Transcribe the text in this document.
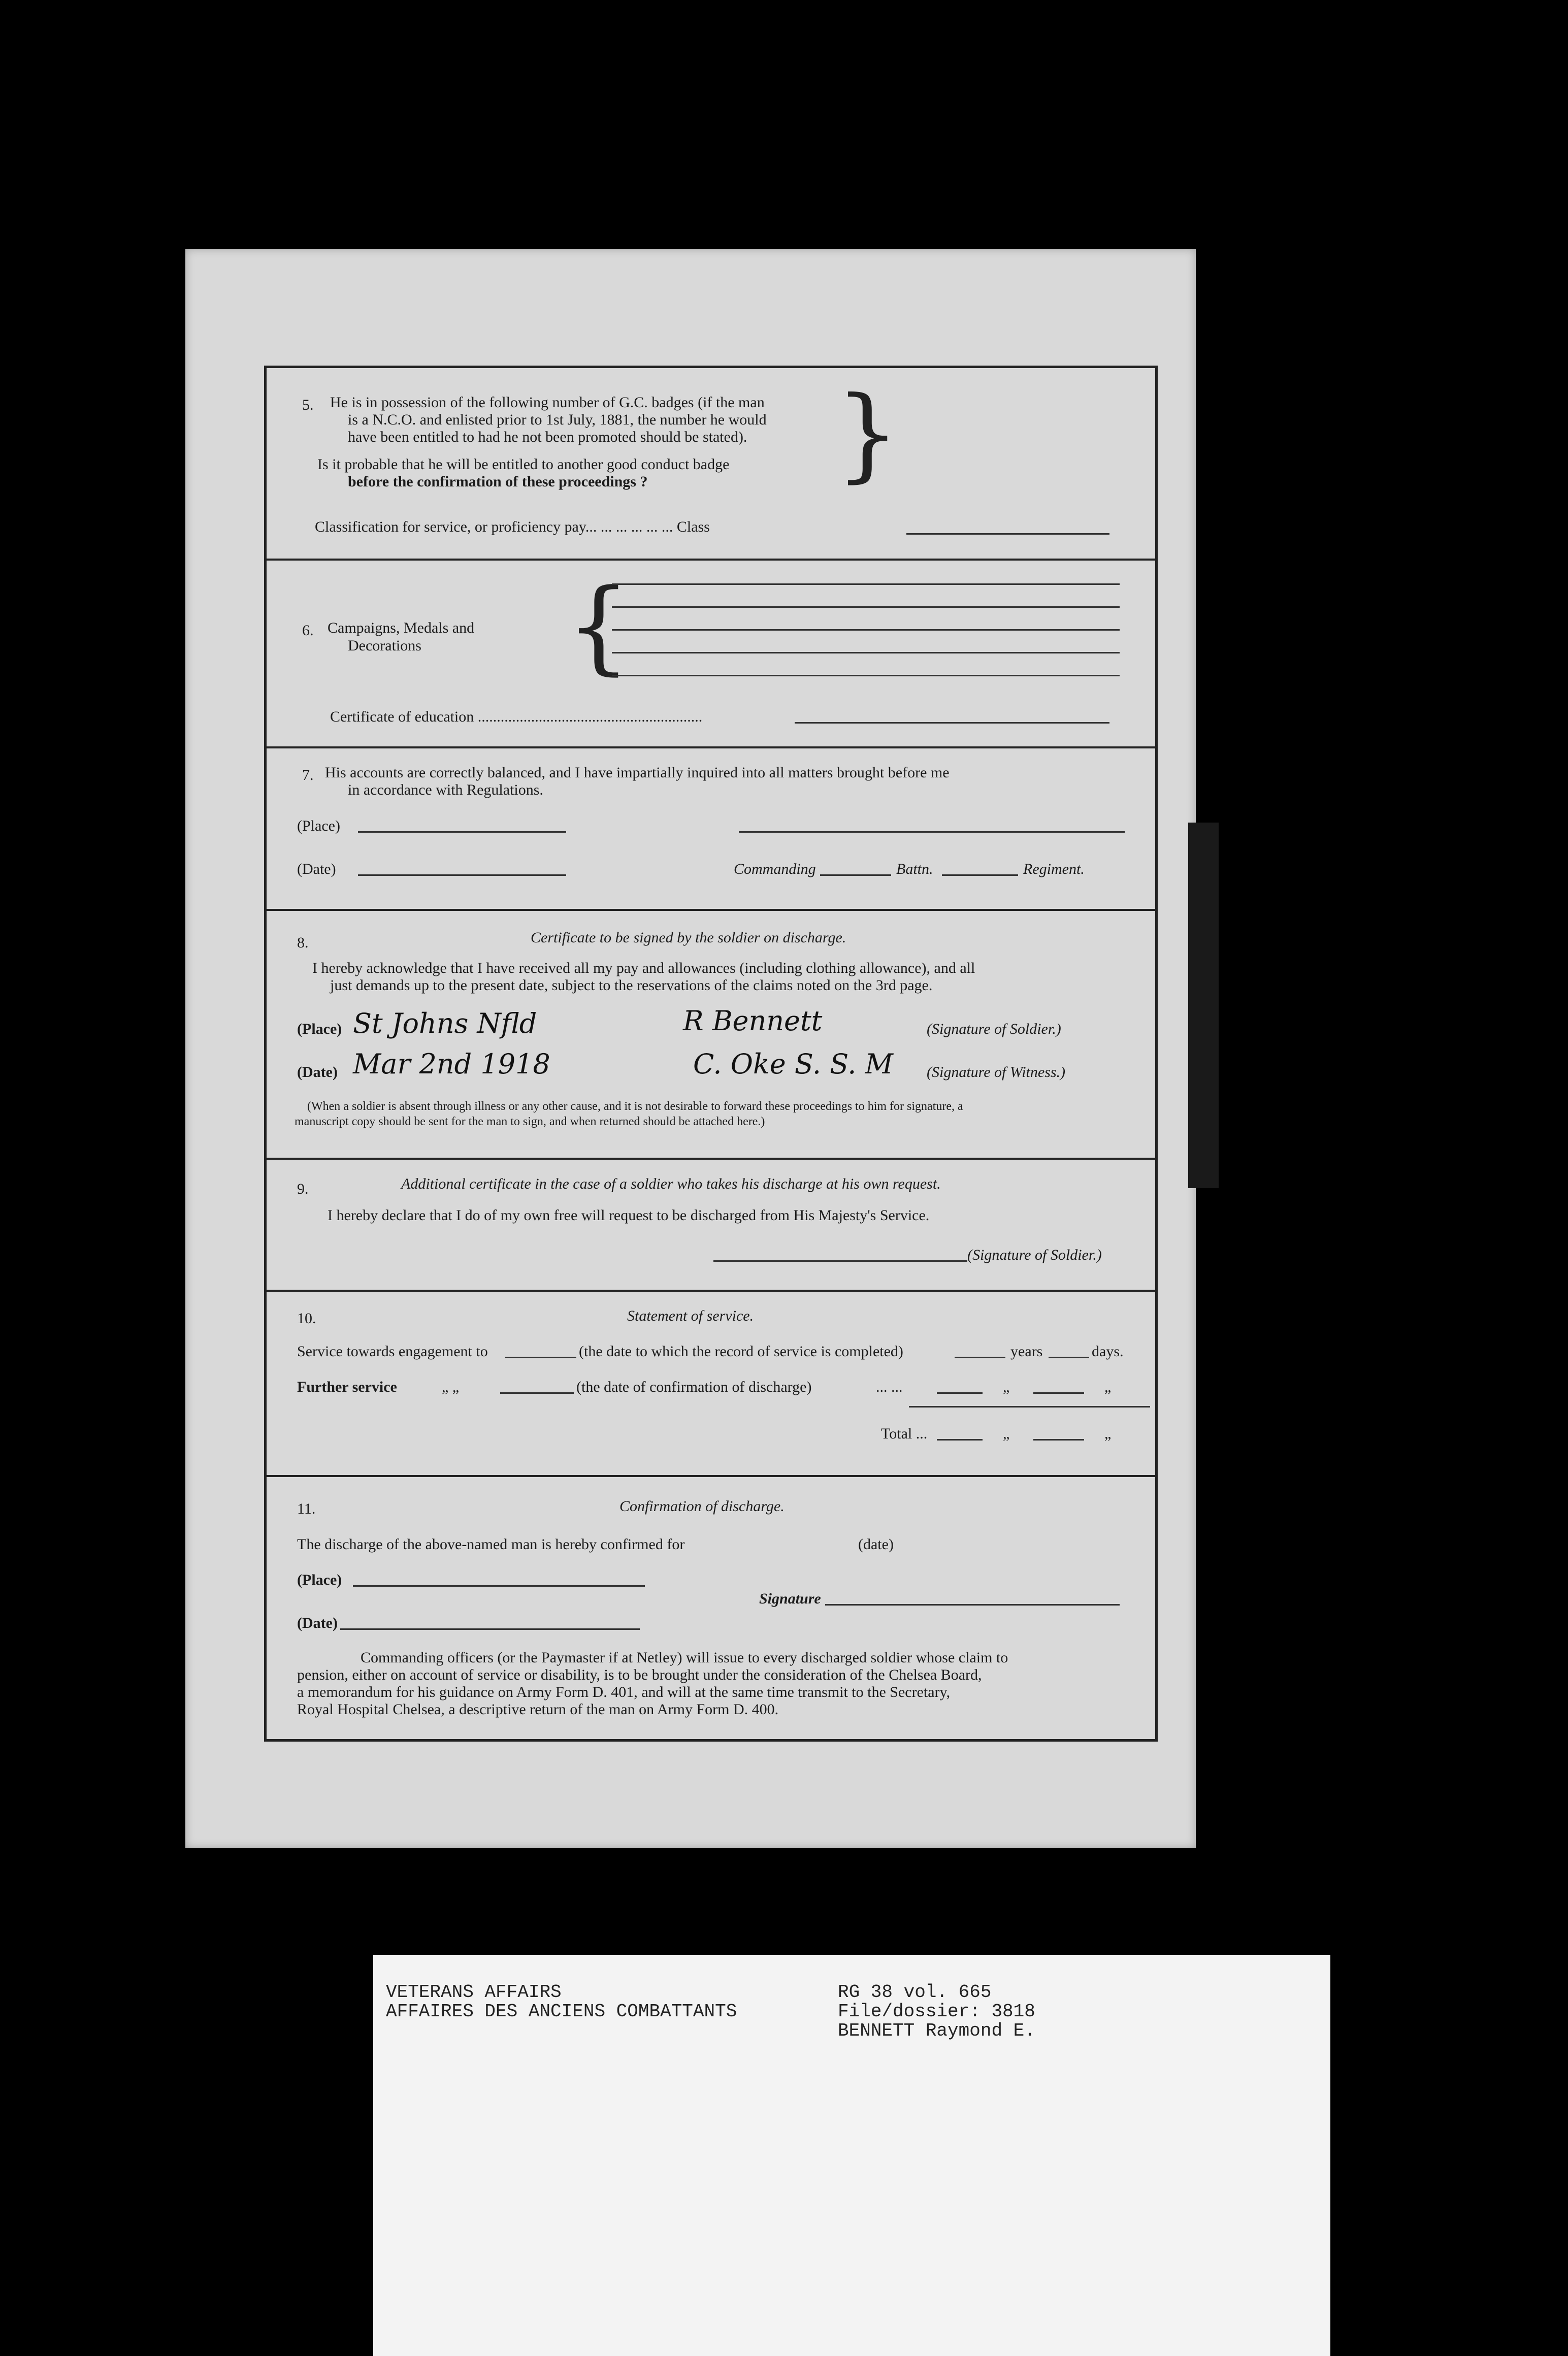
5. He is in possession of the following number of G.C. badges (if the man
is a N.C.O. and enlisted prior to 1st July, 1881, the number he would
have been entitled to had he not been promoted should be stated).
Is it probable that he will be entitled to another good conduct badge
before the confirmation of these proceedings ? }
Classification for service, or proficiency pay... ... ... ... ... ... Class
6. Campaigns, Medals and
Decorations {
Certificate of education ...........................................................
7. His accounts are correctly balanced, and I have impartially inquired into all matters brought before me
in accordance with Regulations.
(Place)
(Date)	Commanding	Battn.	Regiment.
8.	Certificate to be signed by the soldier on discharge.
I hereby acknowledge that I have received all my pay and allowances (including clothing allowance), and all
just demands up to the present date, subject to the reservations of the claims noted on the 3rd page.
(Place) St Johns Nfld	R Bennett	(Signature of Soldier.)
(Date) Mar 2nd 1918	C. Oke S. S. M (Signature of Witness.)
(When a soldier is absent through illness or any other cause, and it is not desirable to forward these proceedings to him for signature, a
manuscript copy should be sent for the man to sign, and when returned should be attached here.)
9.	Additional certificate in the case of a soldier who takes his discharge at his own request.
I hereby declare that I do of my own free will request to be discharged from His Majesty's Service.
(Signature of Soldier.)
10.	Statement of service.
Service towards engagement to	(the date to which the record of service is completed)	years	days.
Further service	„ „	(the date of confirmation of discharge)	... ...	„	„
Total ...	„	„
11.	Confirmation of discharge.
The discharge of the above-named man is hereby confirmed for	(date)
(Place)
Signature
(Date)
Commanding officers (or the Paymaster if at Netley) will issue to every discharged soldier whose claim to
pension, either on account of service or disability, is to be brought under the consideration of the Chelsea Board,
a memorandum for his guidance on Army Form D. 401, and will at the same time transmit to the Secretary,
Royal Hospital Chelsea, a descriptive return of the man on Army Form D. 400.
VETERANS AFFAIRS
AFFAIRES DES ANCIENS COMBATTANTS
RG 38 vol. 665
File/dossier: 3818
BENNETT Raymond E.
